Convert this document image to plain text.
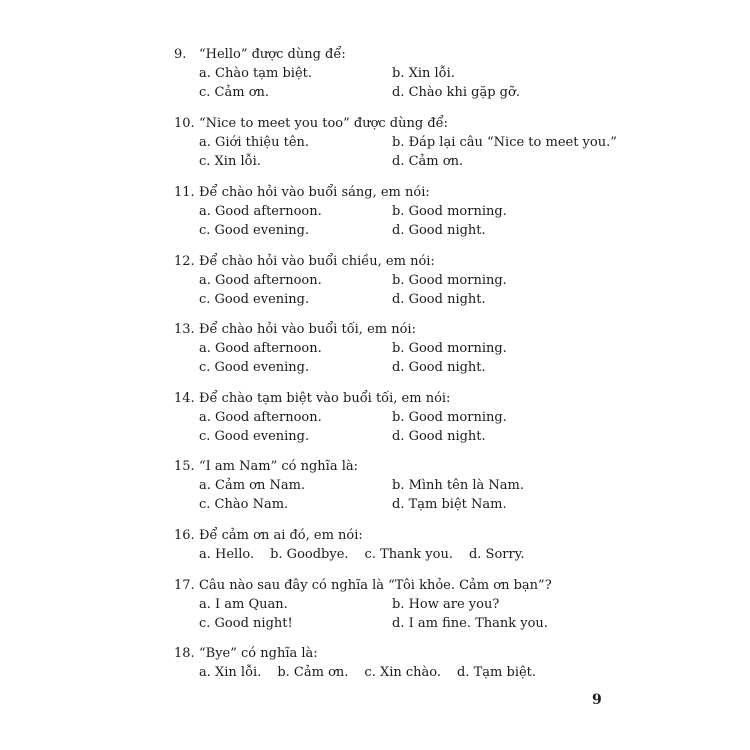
9. “Hello” được dùng để:
a. Chào tạm biệt.	b. Xin lỗi.
c. Cảm ơn.	d. Chào khi gặp gỡ.
10. “Nice to meet you too” được dùng để:
a. Giới thiệu tên.	b. Đáp lại câu “Nice to meet you.”
c. Xin lỗi.	d. Cảm ơn.
11. Để chào hỏi vào buổi sáng, em nói:
a. Good afternoon.	b. Good morning.
c. Good evening.	d. Good night.
12. Để chào hỏi vào buổi chiều, em nói:
a. Good afternoon.	b. Good morning.
c. Good evening.	d. Good night.
13. Để chào hỏi vào buổi tối, em nói:
a. Good afternoon.	b. Good morning.
c. Good evening.	d. Good night.
14. Để chào tạm biệt vào buổi tối, em nói:
a. Good afternoon.	b. Good morning.
c. Good evening.	d. Good night.
15. “I am Nam” có nghĩa là:
a. Cảm ơn Nam.	b. Mình tên là Nam.
c. Chào Nam.	d. Tạm biệt Nam.
16. Để cảm ơn ai đó, em nói:
a. Hello. b. Goodbye. c. Thank you. d. Sorry.
17. Câu nào sau đây có nghĩa là “Tôi khỏe. Cảm ơn bạn”?
a. I am Quan.	b. How are you?
c. Good night!	d. I am fine. Thank you.
18. “Bye” có nghĩa là:
a. Xin lỗi. b. Cảm ơn. c. Xin chào. d. Tạm biệt.
9
